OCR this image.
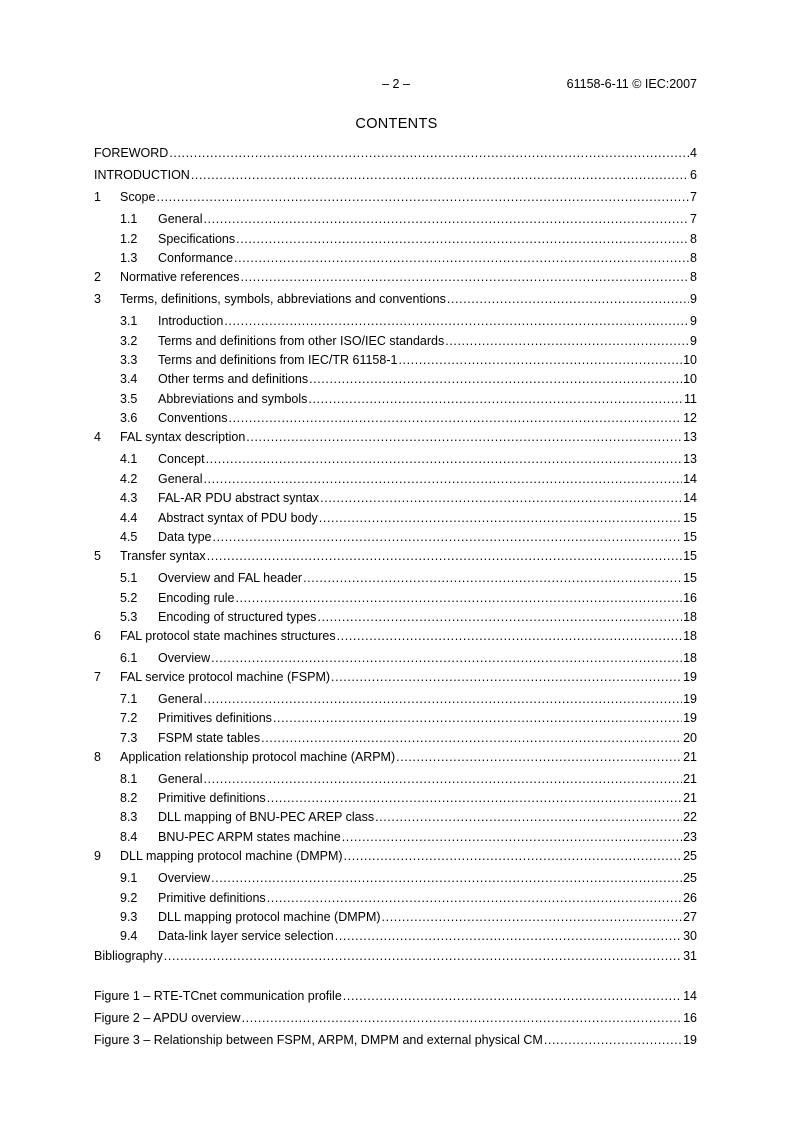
– 2 –	61158-6-11 © IEC:2007
CONTENTS
FOREWORD .....	4
INTRODUCTION .....	6
1	Scope .....	7
1.1	General .....	7
1.2	Specifications .....	8
1.3	Conformance .....	8
2	Normative references .....	8
3	Terms, definitions, symbols, abbreviations and conventions .....	9
3.1	Introduction .....	9
3.2	Terms and definitions from other ISO/IEC standards .....	9
3.3	Terms and definitions from IEC/TR 61158-1 .....	10
3.4	Other terms and definitions .....	10
3.5	Abbreviations and symbols .....	11
3.6	Conventions .....	12
4	FAL syntax description .....	13
4.1	Concept .....	13
4.2	General .....	14
4.3	FAL-AR PDU abstract syntax .....	14
4.4	Abstract syntax of PDU body .....	15
4.5	Data type .....	15
5	Transfer syntax .....	15
5.1	Overview and FAL header .....	15
5.2	Encoding rule .....	16
5.3	Encoding of structured types .....	18
6	FAL protocol state machines structures .....	18
6.1	Overview .....	18
7	FAL service protocol machine (FSPM) .....	19
7.1	General .....	19
7.2	Primitives definitions .....	19
7.3	FSPM state tables .....	20
8	Application relationship protocol machine (ARPM) .....	21
8.1	General .....	21
8.2	Primitive definitions .....	21
8.3	DLL mapping of BNU-PEC AREP class .....	22
8.4	BNU-PEC ARPM states machine .....	23
9	DLL mapping protocol machine (DMPM) .....	25
9.1	Overview .....	25
9.2	Primitive definitions .....	26
9.3	DLL mapping protocol machine (DMPM) .....	27
9.4	Data-link layer service selection .....	30
Bibliography .....	31
Figure 1 – RTE-TCnet communication profile .....	14
Figure 2 – APDU overview .....	16
Figure 3 – Relationship between FSPM, ARPM, DMPM and external physical CM .....	19
